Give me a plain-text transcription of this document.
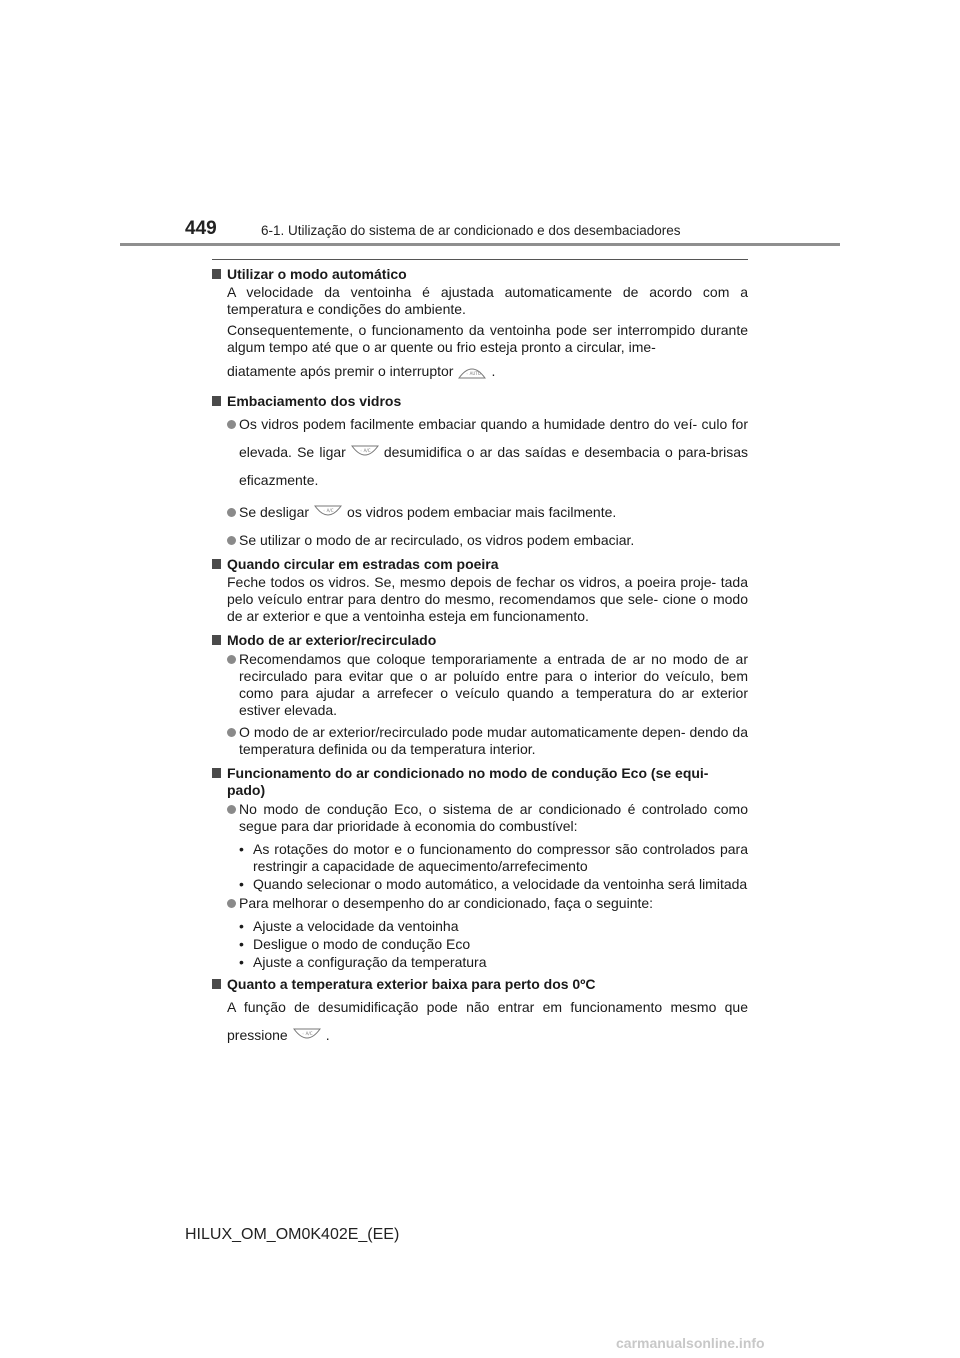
449	6-1. Utilização do sistema de ar condicionado e dos desembaciadores
Utilizar o modo automático
A velocidade da ventoinha é ajustada automaticamente de acordo com a temperatura e condições do ambiente.
Consequentemente, o funcionamento da ventoinha pode ser interrompido durante algum tempo até que o ar quente ou frio esteja pronto a circular, ime-
diatamente após premir o interruptor	◦ AUTO .
Embaciamento dos vidros
Os vidros podem facilmente embaciar quando a humidade dentro do veí- culo for elevada. Se ligar	◦ A/C desumidifica o ar das saídas e desembacia o para-brisas eficazmente.
Se desligar	◦ A/C os vidros podem embaciar mais facilmente.
Se utilizar o modo de ar recirculado, os vidros podem embaciar.
Quando circular em estradas com poeira
Feche todos os vidros. Se, mesmo depois de fechar os vidros, a poeira proje- tada pelo veículo entrar para dentro do mesmo, recomendamos que sele- cione o modo de ar exterior e que a ventoinha esteja em funcionamento.
Modo de ar exterior/recirculado
Recomendamos que coloque temporariamente a entrada de ar no modo de ar recirculado para evitar que o ar poluído entre para o interior do veículo, bem como para ajudar a arrefecer o veículo quando a temperatura do ar exterior estiver elevada.
O modo de ar exterior/recirculado pode mudar automaticamente depen- dendo da temperatura definida ou da temperatura interior.
Funcionamento do ar condicionado no modo de condução Eco (se equi- pado)
No modo de condução Eco, o sistema de ar condicionado é controlado como segue para dar prioridade à economia do combustível:
• As rotações do motor e o funcionamento do compressor são controlados para restringir a capacidade de aquecimento/arrefecimento
• Quando selecionar o modo automático, a velocidade da ventoinha será limitada
Para melhorar o desempenho do ar condicionado, faça o seguinte:
• Ajuste a velocidade da ventoinha
• Desligue o modo de condução Eco
• Ajuste a configuração da temperatura
Quanto a temperatura exterior baixa para perto dos 0ºC
A função de desumidificação pode não entrar em funcionamento mesmo que pressione	◦ A/C .
HILUX_OM_OM0K402E_(EE)
carmanualsonline.info
